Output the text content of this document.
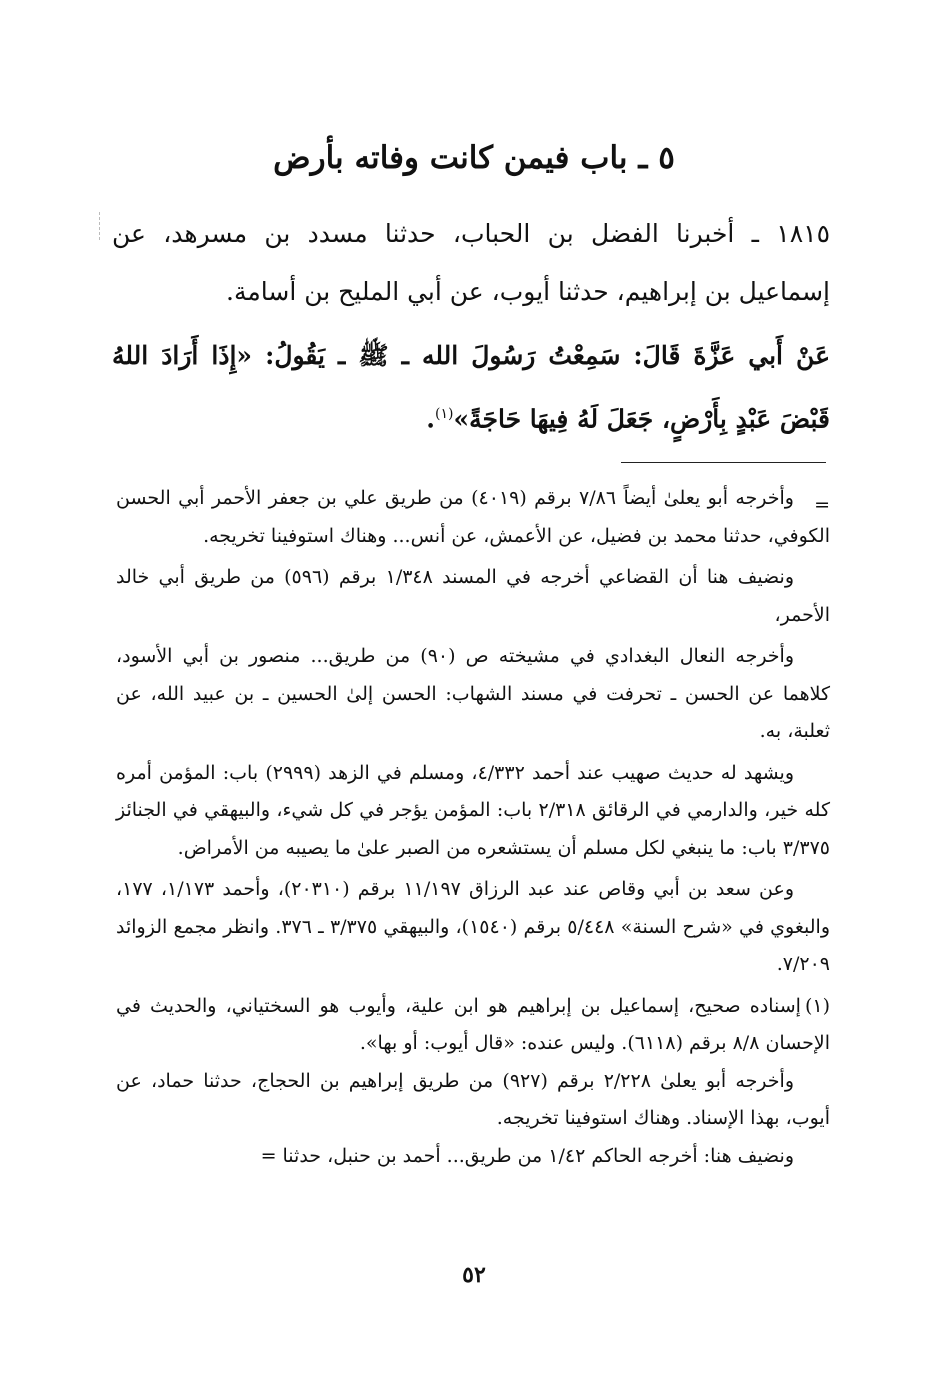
٥ ـ باب فيمن كانت وفاته بأرض

١٨١٥ ـ أخبرنا الفضل بن الحباب، حدثنا مسدد بن مسرهد، عن إسماعيل بن إبراهيم، حدثنا أيوب، عن أبي المليح بن أسامة.

عَنْ أَبي عَزَّةَ قَالَ: سَمِعْتُ رَسُولَ الله ـ ﷺ ـ يَقُولُ: «إِذَا أَرَادَ اللهُ قَبْضَ عَبْدٍ بِأَرْضٍ، جَعَلَ لَهُ فِيهَا حَاجَةً»$^{(١)}$.

=

وأخرجه أبو يعلىٰ أيضاً ٧/٨٦ برقم (٤٠١٩) من طريق علي بن جعفر الأحمر أبي الحسن الكوفي، حدثنا محمد بن فضيل، عن الأعمش، عن أنس... وهناك استوفينا تخريجه.

ونضيف هنا أن القضاعي أخرجه في المسند ١/٣٤٨ برقم (٥٩٦) من طريق أبي خالد الأحمر،

وأخرجه النعال البغدادي في مشيخته ص (٩٠) من طريق... منصور بن أبي الأسود، كلاهما عن الحسن ـ تحرفت في مسند الشهاب: الحسن إلىٰ الحسين ـ بن عبيد الله، عن ثعلبة، به.

ويشهد له حديث صهيب عند أحمد ٤/٣٣٢، ومسلم في الزهد (٢٩٩٩) باب: المؤمن أمره كله خير، والدارمي في الرقائق ٢/٣١٨ باب: المؤمن يؤجر في كل شيء، والبيهقي في الجنائز ٣/٣٧٥ باب: ما ينبغي لكل مسلم أن يستشعره من الصبر علىٰ ما يصيبه من الأمراض.

وعن سعد بن أبي وقاص عند عبد الرزاق ١١/١٩٧ برقم (٢٠٣١٠)، وأحمد ١/١٧٣، ١٧٧، والبغوي في «شرح السنة» ٥/٤٤٨ برقم (١٥٤٠)، والبيهقي ٣/٣٧٥ ـ ٣٧٦. وانظر مجمع الزوائد ٧/٢٠٩.

(١)إسناده صحيح، إسماعيل بن إبراهيم هو ابن علية، وأيوب هو السختياني، والحديث في الإحسان ٨/٨ برقم (٦١١٨). وليس عنده: «قال أيوب: أو بها».

وأخرجه أبو يعلىٰ ٢/٢٢٨ برقم (٩٢٧) من طريق إبراهيم بن الحجاج، حدثنا حماد، عن أيوب، بهذا الإسناد. وهناك استوفينا تخريجه.

ونضيف هنا: أخرجه الحاكم ١/٤٢ من طريق... أحمد بن حنبل، حدثنا =

٥٢
